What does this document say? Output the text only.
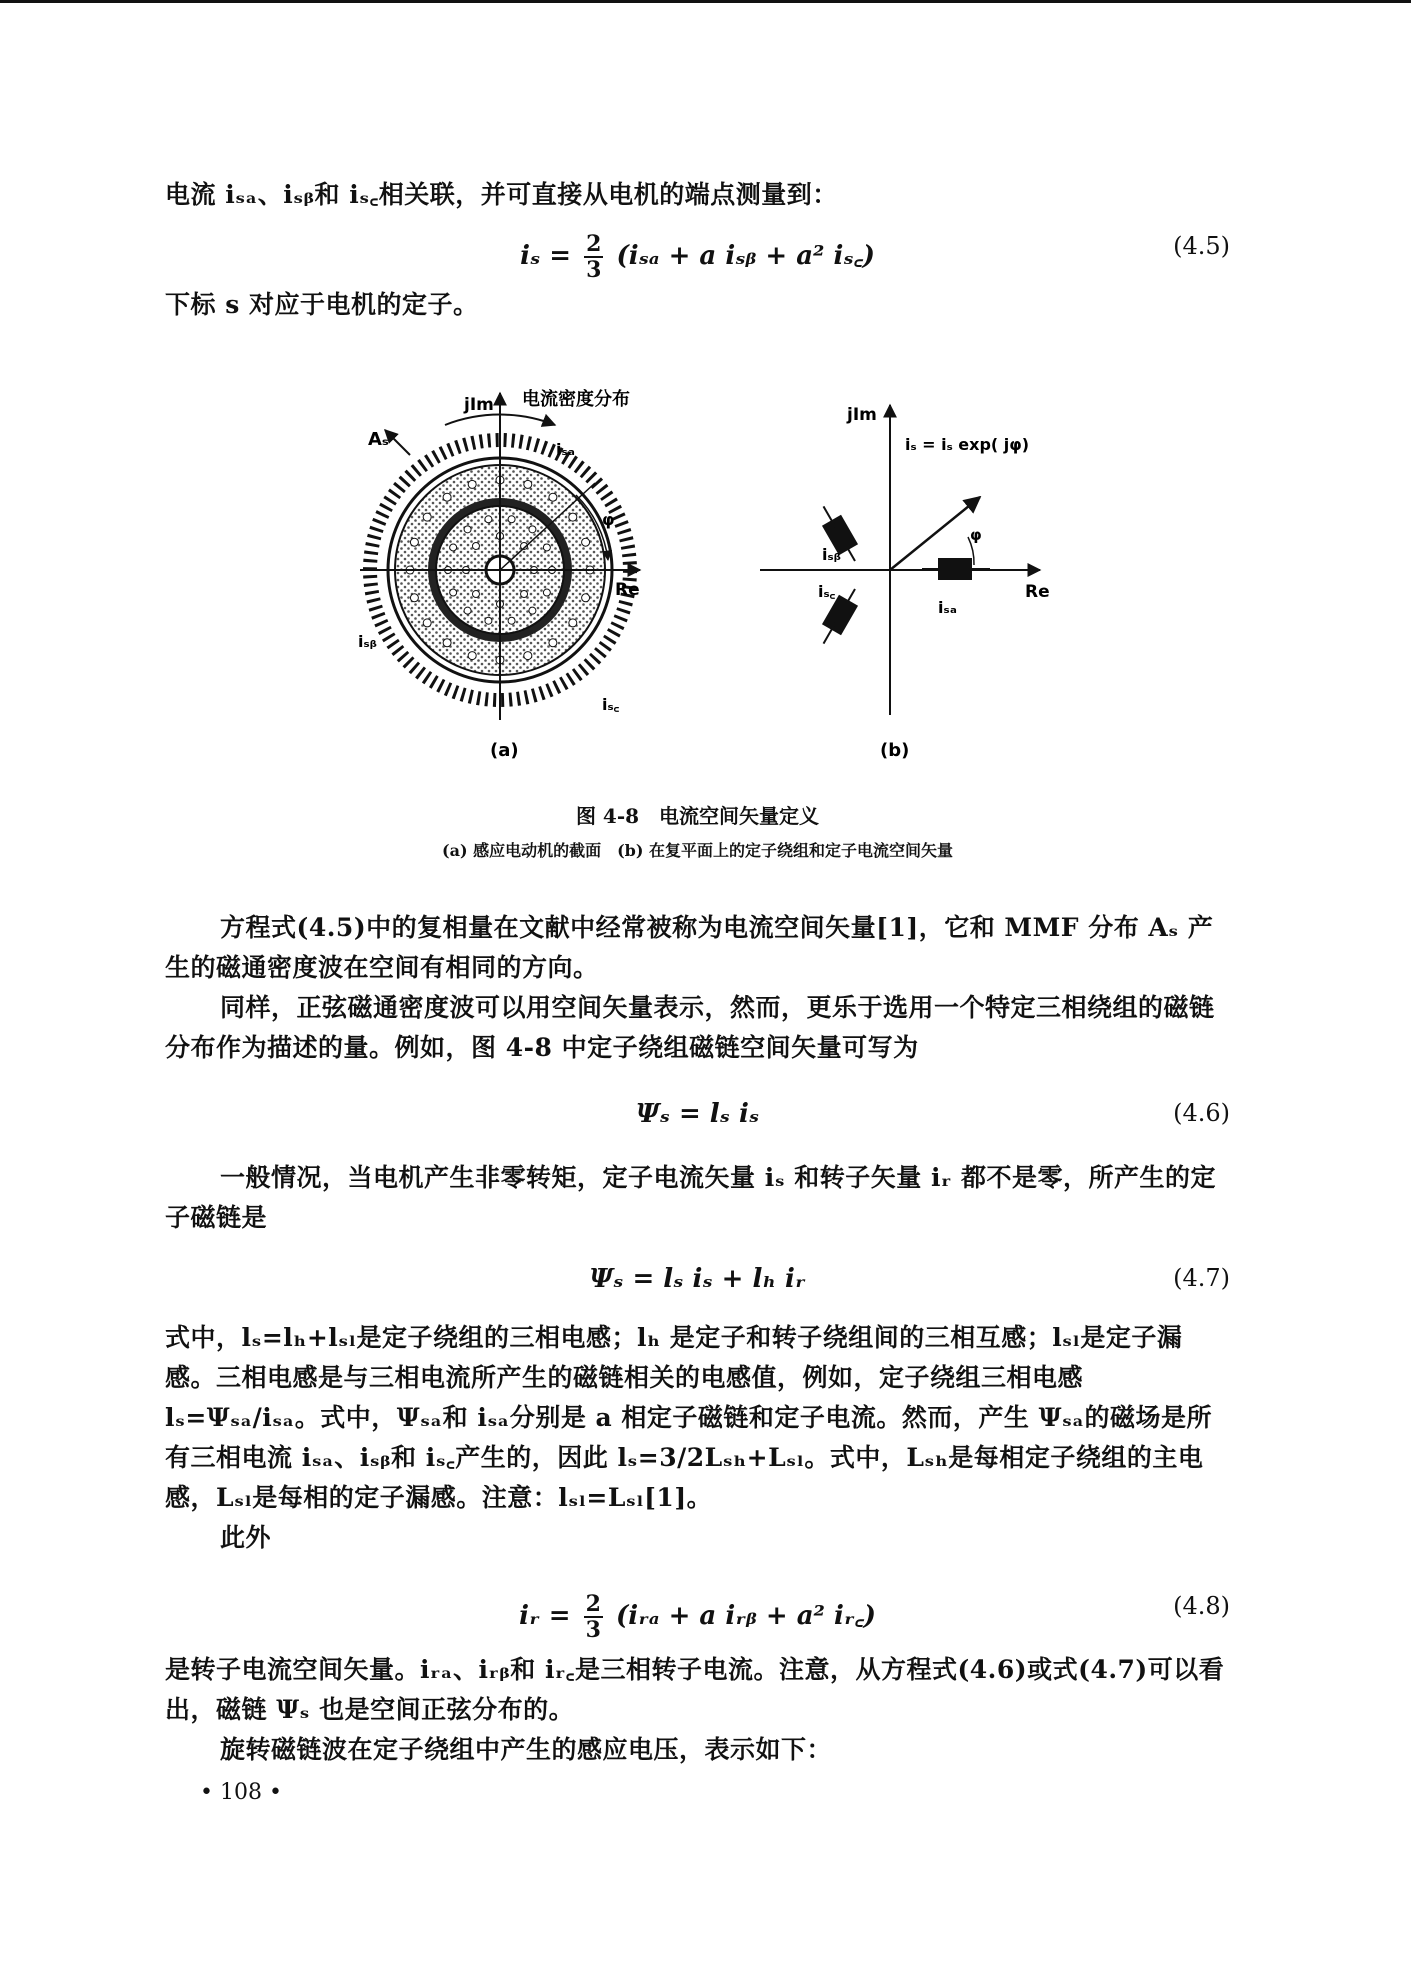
电流 iₛₐ、iₛᵦ和 iₛ꜀相关联，并可直接从电机的端点测量到：
$i_s = \frac{2}{3} (i_{sa} + a$ iₛᵦ + a² iₛ꜀)	(4.5)
下标 s 对应于电机的定子。
jIm 电流密度分布
Aₛ	iₛₐ
iₛᵦ
iₛ꜀
φ
Re
(a)
jIm
iₛ = iₛ exp( jφ)
φ
Re
iₛₐ
iₛᵦ
iₛ꜀
(b)
图 4-8　电流空间矢量定义
(a) 感应电动机的截面　(b) 在复平面上的定子绕组和定子电流空间矢量
方程式(4.5)中的复相量在文献中经常被称为电流空间矢量[1]，它和 MMF 分布 Aₛ 产生的磁通密度波在空间有相同的方向。
同样，正弦磁通密度波可以用空间矢量表示，然而，更乐于选用一个特定三相绕组的磁链分布作为描述的量。例如，图 4-8 中定子绕组磁链空间矢量可写为
Ψₛ = lₛ iₛ	(4.6)
一般情况，当电机产生非零转矩，定子电流矢量 iₛ 和转子矢量 iᵣ 都不是零，所产生的定子磁链是
Ψₛ = lₛ iₛ + lₕ iᵣ	(4.7)
式中，lₛ=lₕ+lₛₗ是定子绕组的三相电感；lₕ 是定子和转子绕组间的三相互感；lₛₗ是定子漏感。三相电感是与三相电流所产生的磁链相关的电感值，例如，定子绕组三相电感 lₛ=Ψₛₐ/iₛₐ。式中，Ψₛₐ和 iₛₐ分别是 a 相定子磁链和定子电流。然而，产生 Ψₛₐ的磁场是所有三相电流 iₛₐ、iₛᵦ和 iₛ꜀产生的，因此 lₛ=3/2Lₛₕ+Lₛₗ。式中，Lₛₕ是每相定子绕组的主电感，Lₛₗ是每相的定子漏感。注意：lₛₗ=Lₛₗ[1]。
此外
iᵣ = $\frac{2}{3}$ (iᵣₐ + a iᵣᵦ + a² iᵣ꜀)	(4.8)
是转子电流空间矢量。iᵣₐ、iᵣᵦ和 iᵣ꜀是三相转子电流。注意，从方程式(4.6)或式(4.7)可以看出，磁链 Ψₛ 也是空间正弦分布的。
旋转磁链波在定子绕组中产生的感应电压，表示如下：
• 108 •
